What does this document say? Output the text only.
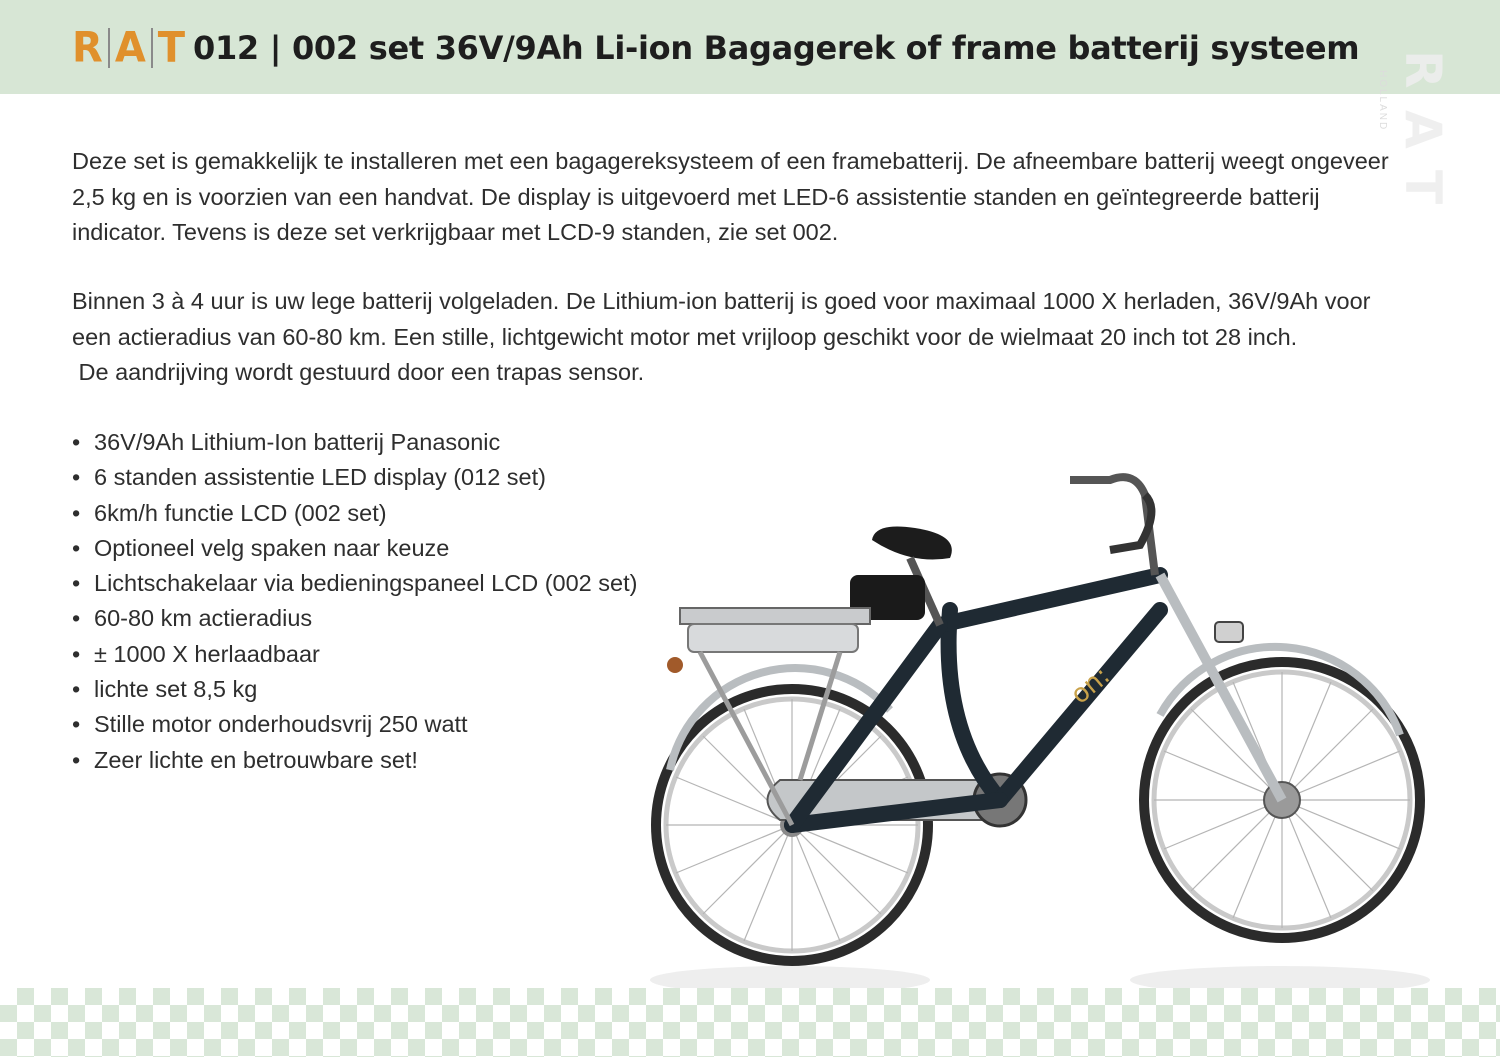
R A T 012 | 002 set 36V/9Ah Li-ion Bagagerek of frame batterij systeem
R
A
T
HOLLAND

Deze set is gemakkelijk te installeren met een bagagereksysteem of een framebatterij. De afneembare batterij weegt ongeveer 2,5 kg en is voorzien van een handvat. De display is uitgevoerd met LED-6 assistentie standen en geïntegreerde batterij indicator. Tevens is deze set verkrijgbaar met LCD-9 standen, zie set 002.

Binnen 3 à 4 uur is uw lege batterij volgeladen. De Lithium-ion batterij is goed voor maximaal 1000 X herladen, 36V/9Ah voor een actieradius van 60-80 km. Een stille, lichtgewicht motor met vrijloop geschikt voor de wielmaat 20 inch tot 28 inch.
De aandrijving wordt gestuurd door een trapas sensor.

• 36V/9Ah Lithium-Ion batterij Panasonic
• 6 standen assistentie LED display (012 set)
• 6km/h functie LCD (002 set)
• Optioneel velg spaken naar keuze
• Lichtschakelaar via bedieningspaneel LCD (002 set)
• 60-80 km actieradius
• ± 1000 X herlaadbaar
• lichte set 8,5 kg
• Stille motor onderhoudsvrij 250 watt
• Zeer lichte en betrouwbare set!
on:
